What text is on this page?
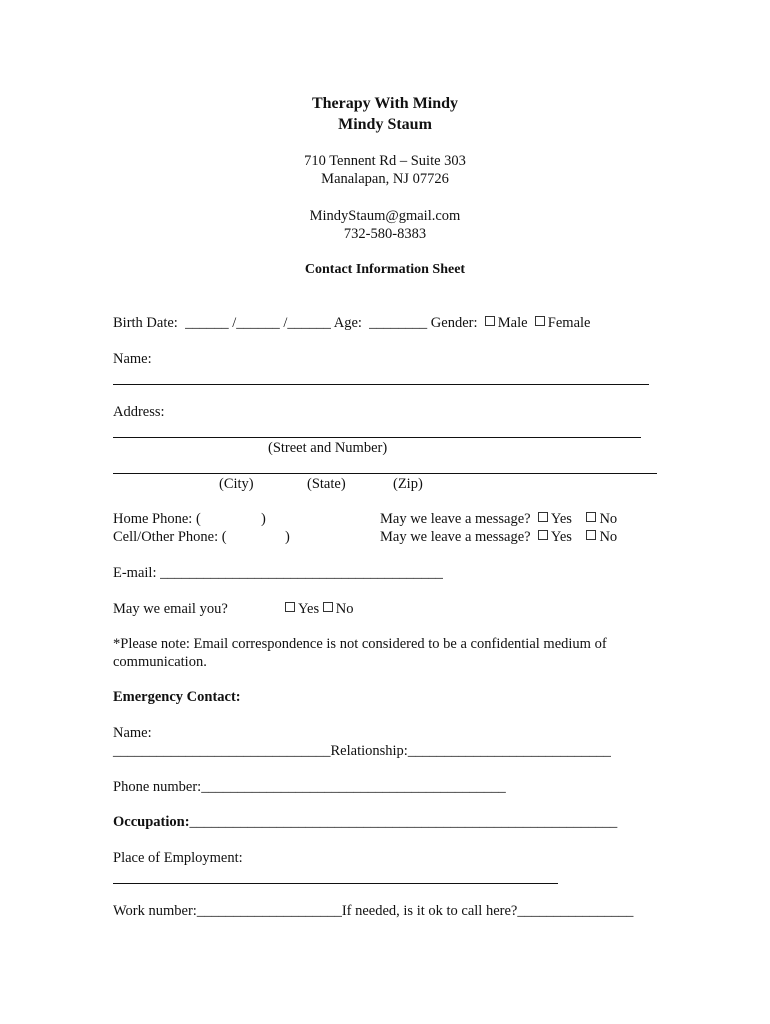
Therapy With Mindy
Mindy Staum
710 Tennent Rd – Suite 303
Manalapan, NJ 07726
MindyStaum@gmail.com
732-580-8383
Contact Information Sheet
Birth Date: ______ /______ /______ Age: ________ Gender: Male Female
Name:
Address:
(Street and Number)
(City)	(State)	(Zip)
Home Phone: (	)	May we leave a message? Yes No
Cell/Other Phone: (	)	May we leave a message? Yes No
E-mail: _______________________________________
May we email you?	Yes No
*Please note: Email correspondence is not considered to be a confidential medium of
communication.
Emergency Contact:
Name:
______________________________Relationship:____________________________
Phone number:__________________________________________
Occupation:___________________________________________________________
Place of Employment:
Work number:____________________If needed, is it ok to call here?________________
